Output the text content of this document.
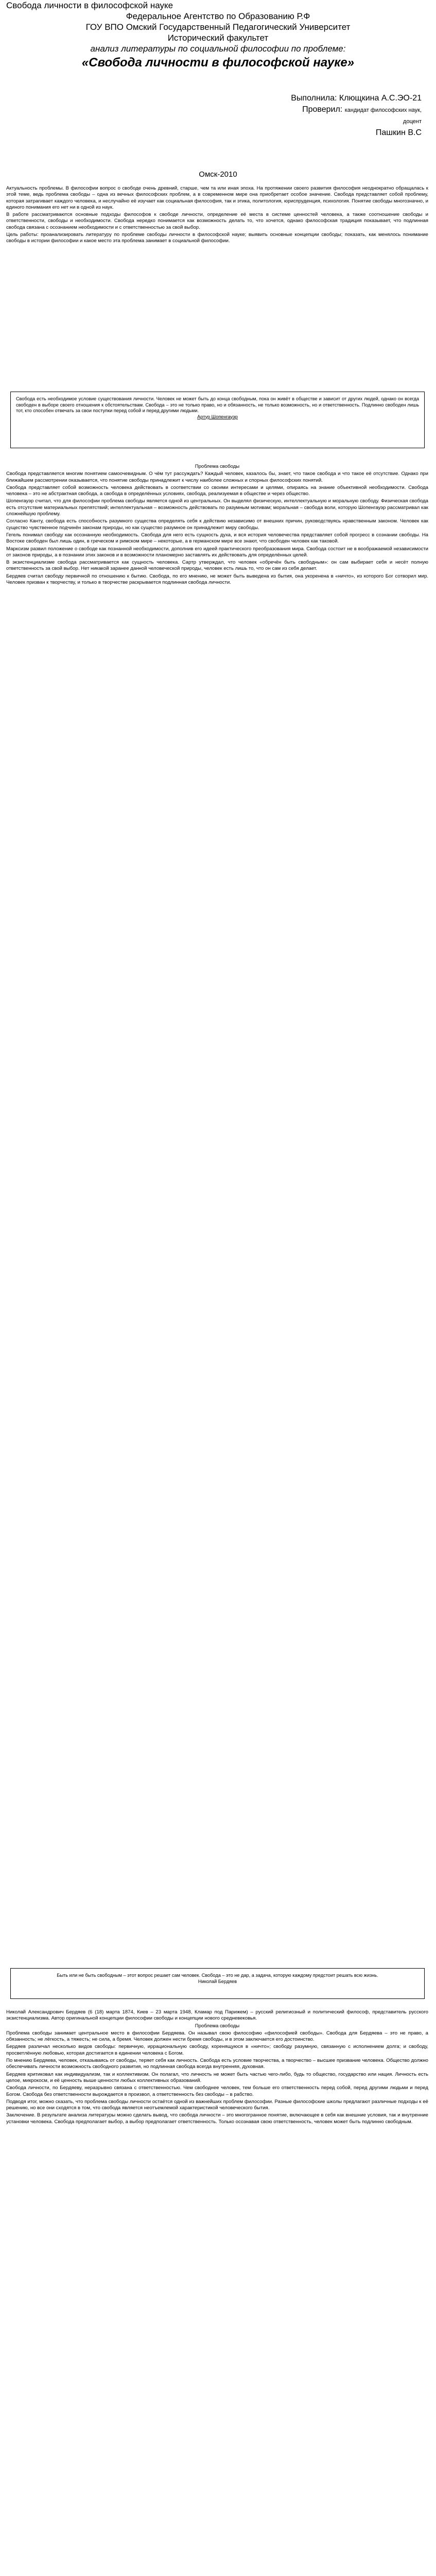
Свобода личности в философской науке
Федеральное Агентство по Образованию Р.Ф
ГОУ ВПО Омский Государственный Педагогический Университет
Исторический факультет
анализ литературы по социальной философии по проблеме:
«Свобода личности в философской науке»
Выполнила: Клющкина А.С.ЭО-21
Проверил: кандидат философских наук,
доцент
Пашкин В.С
Омск-2010

Актуальность проблемы. В философии вопрос о свободе очень древний, старше, чем та или иная эпоха. На протяжении своего развития философия неоднократно обращалась к этой теме, ведь проблема свободы – одна из вечных философских проблем, а в современном мире она приобретает особое значение. Свобода представляет собой проблему, которая затрагивает каждого человека, и неслучайно её изучает как социальная философия, так и этика, политология, юриспруденция, психология. Понятие свободы многозначно, и единого понимания его нет ни в одной из наук.

В работе рассматриваются основные подходы философов к свободе личности, определение её места в системе ценностей человека, а также соотношение свободы и ответственности, свободы и необходимости. Свобода нередко понимается как возможность делать то, что хочется, однако философская традиция показывает, что подлинная свобода связана с осознанием необходимости и с ответственностью за свой выбор.

Цель работы: проанализировать литературу по проблеме свободы личности в философской науке; выявить основные концепции свободы; показать, как менялось понимание свободы в истории философии и какое место эта проблема занимает в социальной философии.

Свобода есть необходимое условие существования личности. Человек не может быть до конца свободным, пока он живёт в обществе и зависит от других людей, однако он всегда свободен в выборе своего отношения к обстоятельствам. Свобода – это не только право, но и обязанность, не только возможность, но и ответственность. Подлинно свободен лишь тот, кто способен отвечать за свои поступки перед собой и перед другими людьми.
Артур Шопенгауэр

Проблема свободы

Свобода представляется многим понятием самоочевидным. О чём тут рассуждать? Каждый человек, казалось бы, знает, что такое свобода и что такое её отсутствие. Однако при ближайшем рассмотрении оказывается, что понятие свободы принадлежит к числу наиболее сложных и спорных философских понятий.

Свобода представляет собой возможность человека действовать в соответствии со своими интересами и целями, опираясь на знание объективной необходимости. Свобода человека – это не абстрактная свобода, а свобода в определённых условиях, свобода, реализуемая в обществе и через общество.

Шопенгауэр считал, что для философии проблема свободы является одной из центральных. Он выделял физическую, интеллектуальную и моральную свободу. Физическая свобода есть отсутствие материальных препятствий; интеллектуальная – возможность действовать по разумным мотивам; моральная – свобода воли, которую Шопенгауэр рассматривал как сложнейшую проблему.

Согласно Канту, свобода есть способность разумного существа определять себя к действию независимо от внешних причин, руководствуясь нравственным законом. Человек как существо чувственное подчинён законам природы, но как существо разумное он принадлежит миру свободы.

Гегель понимал свободу как осознанную необходимость. Свобода для него есть сущность духа, и вся история человечества представляет собой прогресс в сознании свободы. На Востоке свободен был лишь один, в греческом и римском мире – некоторые, а в германском мире все знают, что свободен человек как таковой.

Марксизм развил положение о свободе как познанной необходимости, дополнив его идеей практического преобразования мира. Свобода состоит не в воображаемой независимости от законов природы, а в познании этих законов и в возможности планомерно заставлять их действовать для определённых целей.

В экзистенциализме свобода рассматривается как сущность человека. Сартр утверждал, что человек «обречён быть свободным»: он сам выбирает себя и несёт полную ответственность за свой выбор. Нет никакой заранее данной человеческой природы, человек есть лишь то, что он сам из себя делает.

Бердяев считал свободу первичной по отношению к бытию. Свобода, по его мнению, не может быть выведена из бытия, она укоренена в «ничто», из которого Бог сотворил мир. Человек призван к творчеству, и только в творчестве раскрывается подлинная свобода личности.

Быть или не быть свободным – этот вопрос решает сам человек. Свобода – это не дар, а задача, которую каждому предстоит решать всю жизнь.
Николай Бердяев

Николай Александрович Бердяев (6 (18) марта 1874, Киев – 23 марта 1948, Кламар под Парижем) – русский религиозный и политический философ, представитель русского экзистенциализма. Автор оригинальной концепции философии свободы и концепции нового средневековья.

Проблема свободы

Проблема свободы занимает центральное место в философии Бердяева. Он называл свою философию «философией свободы». Свобода для Бердяева – это не право, а обязанность; не лёгкость, а тяжесть; не сила, а бремя. Человек должен нести бремя свободы, и в этом заключается его достоинство.

Бердяев различал несколько видов свободы: первичную, иррациональную свободу, коренящуюся в «ничто»; свободу разумную, связанную с исполнением долга; и свободу, просветлённую любовью, которая достигается в единении человека с Богом.

По мнению Бердяева, человек, отказываясь от свободы, теряет себя как личность. Свобода есть условие творчества, а творчество – высшее призвание человека. Общество должно обеспечивать личности возможность свободного развития, но подлинная свобода всегда внутренняя, духовная.

Бердяев критиковал как индивидуализм, так и коллективизм. Он полагал, что личность не может быть частью чего-либо, будь то общество, государство или нация. Личность есть целое, микрокосм, и её ценность выше ценности любых коллективных образований.

Свобода личности, по Бердяеву, неразрывно связана с ответственностью. Чем свободнее человек, тем больше его ответственность перед собой, перед другими людьми и перед Богом. Свобода без ответственности вырождается в произвол, а ответственность без свободы – в рабство.

Подводя итог, можно сказать, что проблема свободы личности остаётся одной из важнейших проблем философии. Разные философские школы предлагают различные подходы к её решению, но все они сходятся в том, что свобода является неотъемлемой характеристикой человеческого бытия.

Заключение. В результате анализа литературы можно сделать вывод, что свобода личности – это многогранное понятие, включающее в себя как внешние условия, так и внутренние установки человека. Свобода предполагает выбор, а выбор предполагает ответственность. Только осознавая свою ответственность, человек может быть подлинно свободным.
